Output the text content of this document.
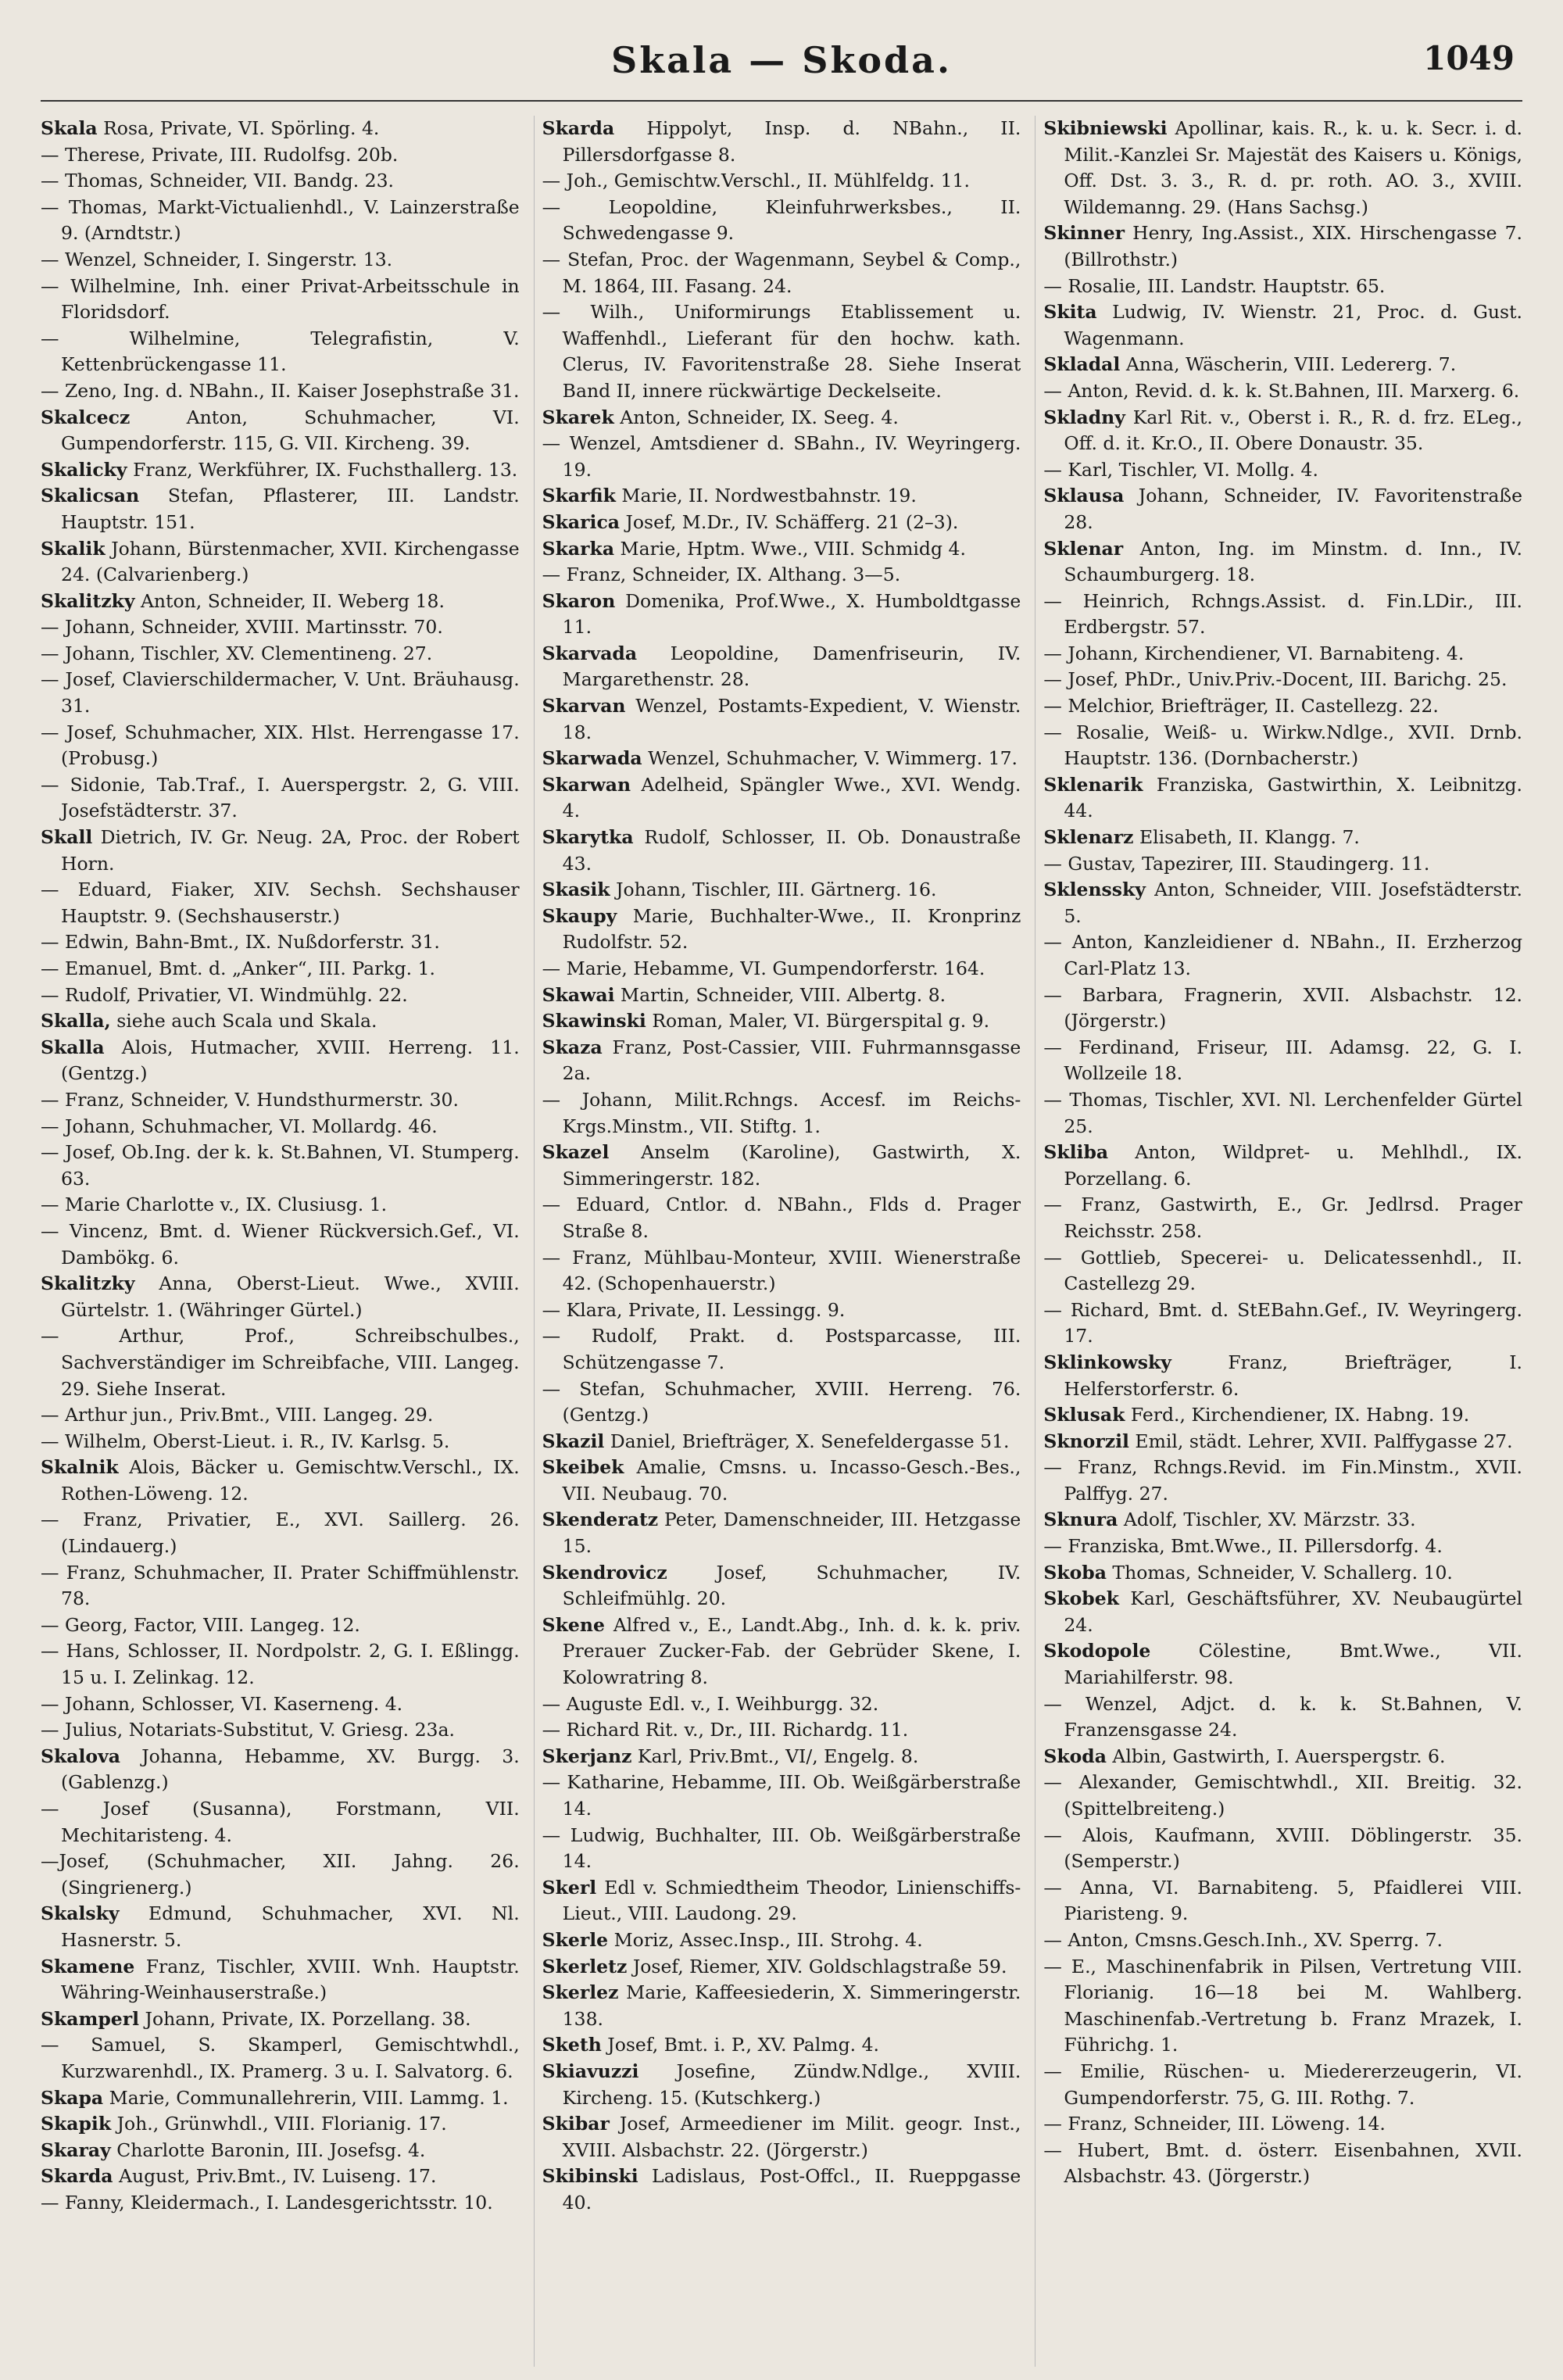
Skala — Skoda.	1049

Skala Rosa, Private, VI. Spörling. 4.

— Therese, Private, III. Rudolfsg. 20b.

— Thomas, Schneider, VII. Bandg. 23.

— Thomas, Markt-Victualienhdl., V. Lainzerstraße 9. (Arndtstr.)

— Wenzel, Schneider, I. Singerstr. 13.

— Wilhelmine, Inh. einer Privat-Arbeitsschule in Floridsdorf.

— Wilhelmine, Telegrafistin, V. Kettenbrückengasse 11.

— Zeno, Ing. d. NBahn., II. Kaiser Josephstraße 31.

Skalcecz Anton, Schuhmacher, VI. Gumpendorferstr. 115, G. VII. Kircheng. 39.

Skalicky Franz, Werkführer, IX. Fuchsthallerg. 13.

Skalicsan Stefan, Pflasterer, III. Landstr. Hauptstr. 151.

Skalik Johann, Bürstenmacher, XVII. Kirchengasse 24. (Calvarienberg.)

Skalitzky Anton, Schneider, II. Weberg 18.

— Johann, Schneider, XVIII. Martinsstr. 70.

— Johann, Tischler, XV. Clementineng. 27.

— Josef, Clavierschildermacher, V. Unt. Bräuhausg. 31.

— Josef, Schuhmacher, XIX. Hlst. Herrengasse 17. (Probusg.)

— Sidonie, Tab.Traf., I. Auerspergstr. 2, G. VIII. Josefstädterstr. 37.

Skall Dietrich, IV. Gr. Neug. 2A, Proc. der Robert Horn.

— Eduard, Fiaker, XIV. Sechsh. Sechshauser Hauptstr. 9. (Sechshauserstr.)

— Edwin, Bahn-Bmt., IX. Nußdorferstr. 31.

— Emanuel, Bmt. d. „Anker“, III. Parkg. 1.

— Rudolf, Privatier, VI. Windmühlg. 22.

Skalla, siehe auch Scala und Skala.

Skalla Alois, Hutmacher, XVIII. Herreng. 11. (Gentzg.)

— Franz, Schneider, V. Hundsthurmerstr. 30.

— Johann, Schuhmacher, VI. Mollardg. 46.

— Josef, Ob.Ing. der k. k. St.Bahnen, VI. Stumperg. 63.

— Marie Charlotte v., IX. Clusiusg. 1.

— Vincenz, Bmt. d. Wiener Rückversich.Gef., VI. Dambökg. 6.

Skalitzky Anna, Oberst-Lieut. Wwe., XVIII. Gürtelstr. 1. (Währinger Gürtel.)

— Arthur, Prof., Schreibschulbes., Sachverständiger im Schreibfache, VIII. Langeg. 29. Siehe Inserat.

— Arthur jun., Priv.Bmt., VIII. Langeg. 29.

— Wilhelm, Oberst-Lieut. i. R., IV. Karlsg. 5.

Skalnik Alois, Bäcker u. Gemischtw.Verschl., IX. Rothen-Löweng. 12.

— Franz, Privatier, E., XVI. Saillerg. 26. (Lindauerg.)

— Franz, Schuhmacher, II. Prater Schiffmühlenstr. 78.

— Georg, Factor, VIII. Langeg. 12.

— Hans, Schlosser, II. Nordpolstr. 2, G. I. Eßlingg. 15 u. I. Zelinkag. 12.

— Johann, Schlosser, VI. Kaserneng. 4.

— Julius, Notariats-Substitut, V. Griesg. 23a.

Skalova Johanna, Hebamme, XV. Burgg. 3. (Gablenzg.)

— Josef (Susanna), Forstmann, VII. Mechitaristeng. 4.

—Josef, (Schuhmacher, XII. Jahng. 26. (Singrienerg.)

Skalsky Edmund, Schuhmacher, XVI. Nl. Hasnerstr. 5.

Skamene Franz, Tischler, XVIII. Wnh. Hauptstr. Währing-Weinhauserstraße.)

Skamperl Johann, Private, IX. Porzellang. 38.

— Samuel, S. Skamperl, Gemischtwhdl., Kurzwarenhdl., IX. Pramerg. 3 u. I. Salvatorg. 6.

Skapa Marie, Communallehrerin, VIII. Lammg. 1.

Skapik Joh., Grünwhdl., VIII. Florianig. 17.

Skaray Charlotte Baronin, III. Josefsg. 4.

Skarda August, Priv.Bmt., IV. Luiseng. 17.

— Fanny, Kleidermach., I. Landesgerichtsstr. 10.

Skarda Hippolyt, Insp. d. NBahn., II. Pillersdorfgasse 8.

— Joh., Gemischtw.Verschl., II. Mühlfeldg. 11.

— Leopoldine, Kleinfuhrwerksbes., II. Schwedengasse 9.

— Stefan, Proc. der Wagenmann, Seybel & Comp., M. 1864, III. Fasang. 24.

— Wilh., Uniformirungs Etablissement u. Waffenhdl., Lieferant für den hochw. kath. Clerus, IV. Favoritenstraße 28. Siehe Inserat Band II, innere rückwärtige Deckelseite.

Skarek Anton, Schneider, IX. Seeg. 4.

— Wenzel, Amtsdiener d. SBahn., IV. Weyringerg. 19.

Skarfik Marie, II. Nordwestbahnstr. 19.

Skarica Josef, M.Dr., IV. Schäfferg. 21 (2–3).

Skarka Marie, Hptm. Wwe., VIII. Schmidg 4.

— Franz, Schneider, IX. Althang. 3—5.

Skaron Domenika, Prof.Wwe., X. Humboldtgasse 11.

Skarvada Leopoldine, Damenfriseurin, IV. Margarethenstr. 28.

Skarvan Wenzel, Postamts-Expedient, V. Wienstr. 18.

Skarwada Wenzel, Schuhmacher, V. Wimmerg. 17.

Skarwan Adelheid, Spängler Wwe., XVI. Wendg. 4.

Skarytka Rudolf, Schlosser, II. Ob. Donaustraße 43.

Skasik Johann, Tischler, III. Gärtnerg. 16.

Skaupy Marie, Buchhalter-Wwe., II. Kronprinz Rudolfstr. 52.

— Marie, Hebamme, VI. Gumpendorferstr. 164.

Skawai Martin, Schneider, VIII. Albertg. 8.

Skawinski Roman, Maler, VI. Bürgerspital g. 9.

Skaza Franz, Post-Cassier, VIII. Fuhrmannsgasse 2a.

— Johann, Milit.Rchngs. Accesf. im Reichs-Krgs.Minstm., VII. Stiftg. 1.

Skazel Anselm (Karoline), Gastwirth, X. Simmeringerstr. 182.

— Eduard, Cntlor. d. NBahn., Flds d. Prager Straße 8.

— Franz, Mühlbau-Monteur, XVIII. Wienerstraße 42. (Schopenhauerstr.)

— Klara, Private, II. Lessingg. 9.

— Rudolf, Prakt. d. Postsparcasse, III. Schützengasse 7.

— Stefan, Schuhmacher, XVIII. Herreng. 76. (Gentzg.)

Skazil Daniel, Briefträger, X. Senefeldergasse 51.

Skeibek Amalie, Cmsns. u. Incasso-Gesch.-Bes., VII. Neubaug. 70.

Skenderatz Peter, Damenschneider, III. Hetzgasse 15.

Skendrovicz Josef, Schuhmacher, IV. Schleifmühlg. 20.

Skene Alfred v., E., Landt.Abg., Inh. d. k. k. priv. Prerauer Zucker-Fab. der Gebrüder Skene, I. Kolowratring 8.

— Auguste Edl. v., I. Weihburgg. 32.

— Richard Rit. v., Dr., III. Richardg. 11.

Skerjanz Karl, Priv.Bmt., VI/, Engelg. 8.

— Katharine, Hebamme, III. Ob. Weißgärberstraße 14.

— Ludwig, Buchhalter, III. Ob. Weißgärberstraße 14.

Skerl Edl v. Schmiedtheim Theodor, Linienschiffs-Lieut., VIII. Laudong. 29.

Skerle Moriz, Assec.Insp., III. Strohg. 4.

Skerletz Josef, Riemer, XIV. Goldschlagstraße 59.

Skerlez Marie, Kaffeesiederin, X. Simmeringerstr. 138.

Sketh Josef, Bmt. i. P., XV. Palmg. 4.

Skiavuzzi Josefine, Zündw.Ndlge., XVIII. Kircheng. 15. (Kutschkerg.)

Skibar Josef, Armeediener im Milit. geogr. Inst., XVIII. Alsbachstr. 22. (Jörgerstr.)

Skibinski Ladislaus, Post-Offcl., II. Rueppgasse 40.

Skibniewski Apollinar, kais. R., k. u. k. Secr. i. d. Milit.-Kanzlei Sr. Majestät des Kaisers u. Königs, Off. Dst. 3. 3., R. d. pr. roth. AO. 3., XVIII. Wildemanng. 29. (Hans Sachsg.)

Skinner Henry, Ing.Assist., XIX. Hirschengasse 7. (Billrothstr.)

— Rosalie, III. Landstr. Hauptstr. 65.

Skita Ludwig, IV. Wienstr. 21, Proc. d. Gust. Wagenmann.

Skladal Anna, Wäscherin, VIII. Ledererg. 7.

— Anton, Revid. d. k. k. St.Bahnen, III. Marxerg. 6.

Skladny Karl Rit. v., Oberst i. R., R. d. frz. ELeg., Off. d. it. Kr.O., II. Obere Donaustr. 35.

— Karl, Tischler, VI. Mollg. 4.

Sklausa Johann, Schneider, IV. Favoritenstraße 28.

Sklenar Anton, Ing. im Minstm. d. Inn., IV. Schaumburgerg. 18.

— Heinrich, Rchngs.Assist. d. Fin.LDir., III. Erdbergstr. 57.

— Johann, Kirchendiener, VI. Barnabiteng. 4.

— Josef, PhDr., Univ.Priv.-Docent, III. Barichg. 25.

— Melchior, Briefträger, II. Castellezg. 22.

— Rosalie, Weiß- u. Wirkw.Ndlge., XVII. Drnb. Hauptstr. 136. (Dornbacherstr.)

Sklenarik Franziska, Gastwirthin, X. Leibnitzg. 44.

Sklenarz Elisabeth, II. Klangg. 7.

— Gustav, Tapezirer, III. Staudingerg. 11.

Sklenssky Anton, Schneider, VIII. Josefstädterstr. 5.

— Anton, Kanzleidiener d. NBahn., II. Erzherzog Carl-Platz 13.

— Barbara, Fragnerin, XVII. Alsbachstr. 12. (Jörgerstr.)

— Ferdinand, Friseur, III. Adamsg. 22, G. I. Wollzeile 18.

— Thomas, Tischler, XVI. Nl. Lerchenfelder Gürtel 25.

Skliba Anton, Wildpret- u. Mehlhdl., IX. Porzellang. 6.

— Franz, Gastwirth, E., Gr. Jedlrsd. Prager Reichsstr. 258.

— Gottlieb, Specerei- u. Delicatessenhdl., II. Castellezg 29.

— Richard, Bmt. d. StEBahn.Gef., IV. Weyringerg. 17.

Sklinkowsky Franz, Briefträger, I. Helferstorferstr. 6.

Sklusak Ferd., Kirchendiener, IX. Habng. 19.

Sknorzil Emil, städt. Lehrer, XVII. Palffygasse 27.

— Franz, Rchngs.Revid. im Fin.Minstm., XVII. Palffyg. 27.

Sknura Adolf, Tischler, XV. Märzstr. 33.

— Franziska, Bmt.Wwe., II. Pillersdorfg. 4.

Skoba Thomas, Schneider, V. Schallerg. 10.

Skobek Karl, Geschäftsführer, XV. Neubaugürtel 24.

Skodopole Cölestine, Bmt.Wwe., VII. Mariahilferstr. 98.

— Wenzel, Adjct. d. k. k. St.Bahnen, V. Franzensgasse 24.

Skoda Albin, Gastwirth, I. Auerspergstr. 6.

— Alexander, Gemischtwhdl., XII. Breitig. 32. (Spittelbreiteng.)

— Alois, Kaufmann, XVIII. Döblingerstr. 35. (Semperstr.)

— Anna, VI. Barnabiteng. 5, Pfaidlerei VIII. Piaristeng. 9.

— Anton, Cmsns.Gesch.Inh., XV. Sperrg. 7.

— E., Maschinenfabrik in Pilsen, Vertretung VIII. Florianig. 16—18 bei M. Wahlberg. Maschinenfab.-Vertretung b. Franz Mrazek, I. Führichg. 1.

— Emilie, Rüschen- u. Miedererzeugerin, VI. Gumpendorferstr. 75, G. III. Rothg. 7.

— Franz, Schneider, III. Löweng. 14.

— Hubert, Bmt. d. österr. Eisenbahnen, XVII. Alsbachstr. 43. (Jörgerstr.)
